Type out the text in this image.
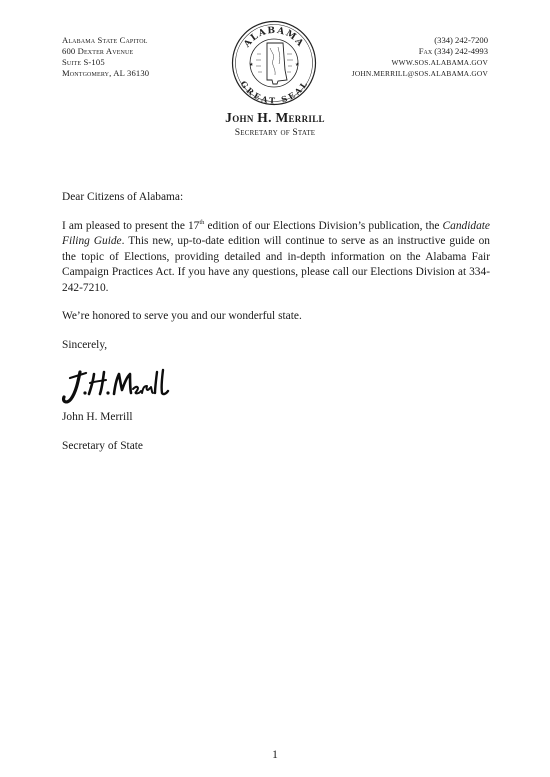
Alabama State Capitol
600 Dexter Avenue
Suite S-105
Montgomery, AL 36130
ALABAMA
GREAT SEAL
★	★
(334) 242-7200
Fax (334) 242-4993
WWW.SOS.ALABAMA.GOV
JOHN.MERRILL@SOS.ALABAMA.GOV
John H. Merrill
Secretary of State

Dear Citizens of Alabama:

I am pleased to present the 17th edition of our Elections Division’s publication, the Candidate Filing Guide. This new, up-to-date edition will continue to serve as an instructive guide on the topic of Elections, providing detailed and in-depth information on the Alabama Fair Campaign Practices Act. If you have any questions, please call our Elections Division at 334-242-7210.

We’re honored to serve you and our wonderful state.

Sincerely,

John H. Merrill

Secretary of State

1
